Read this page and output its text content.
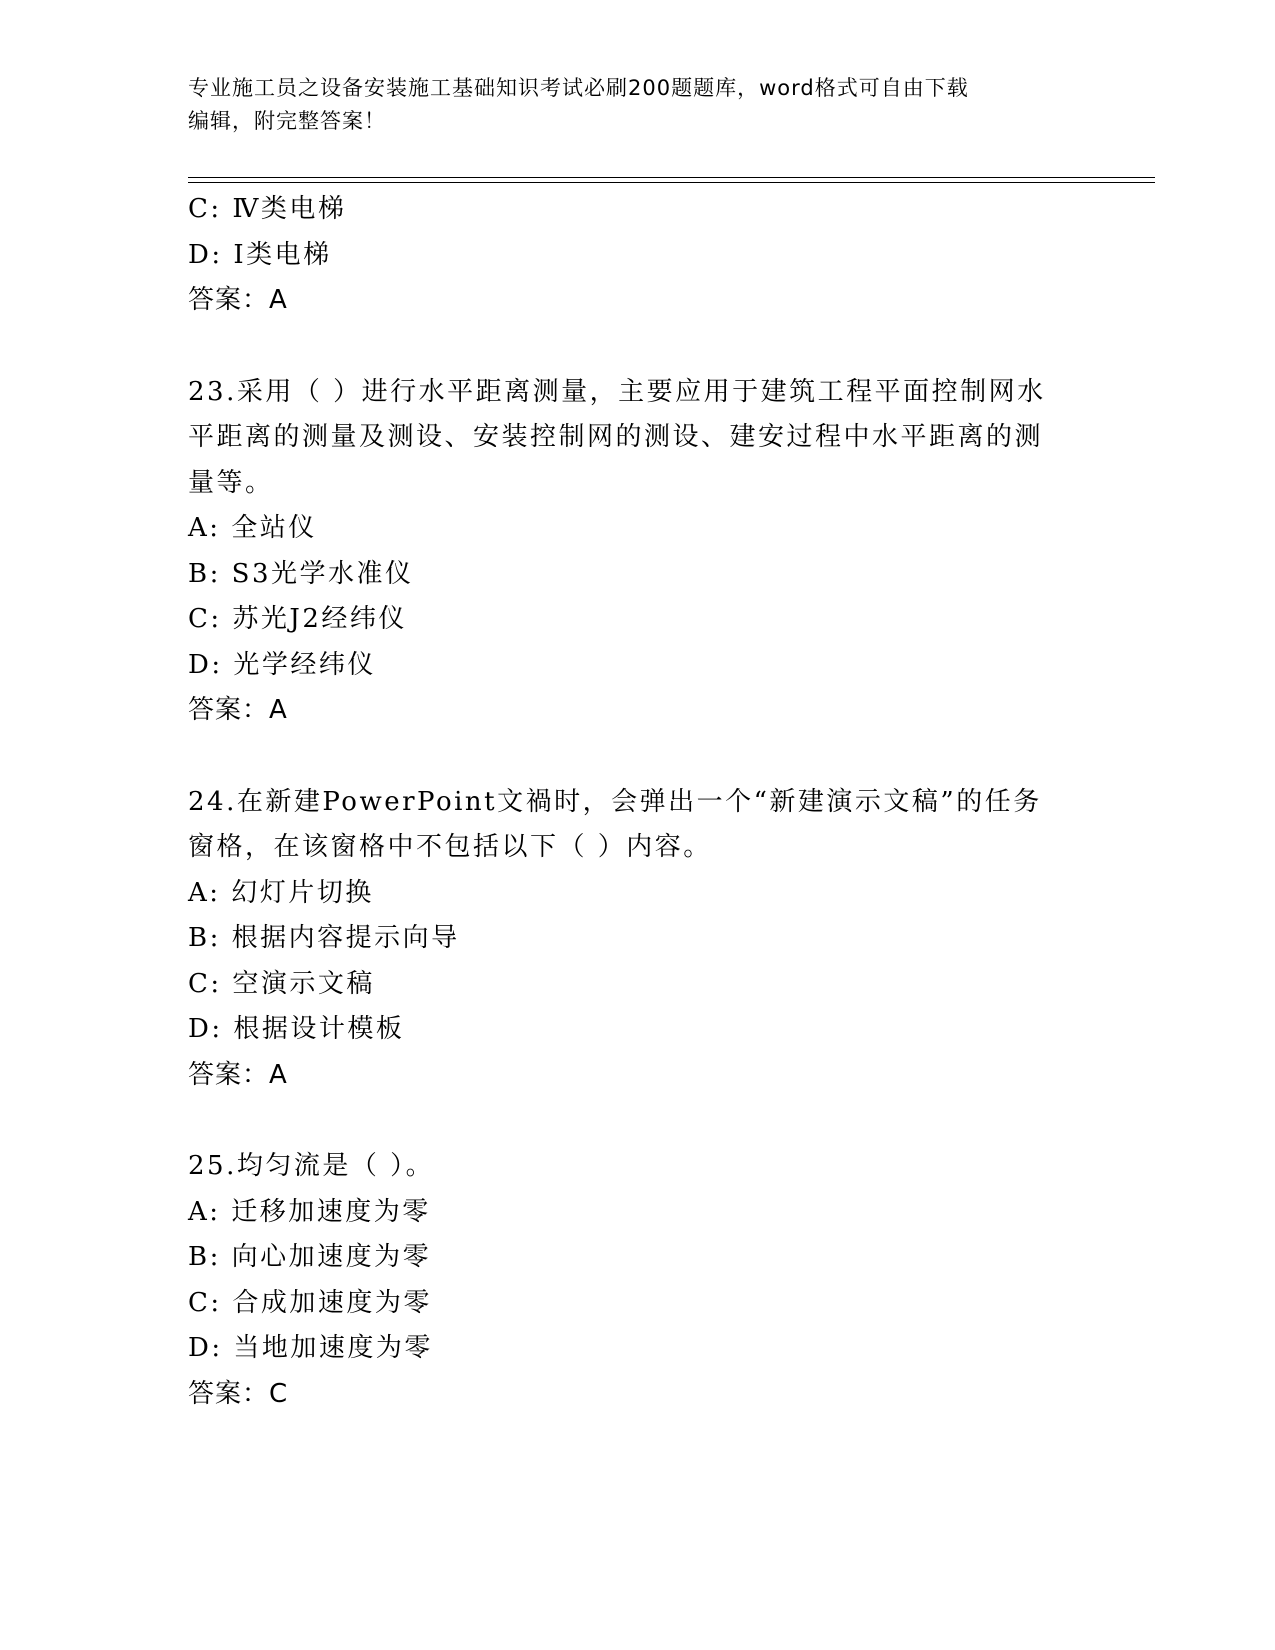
专业施工员之设备安装施工基础知识考试必刷200题题库，word格式可自由下载
编辑，附完整答案！
C: Ⅳ类电梯
D: Ⅰ类电梯
答案：A
23.采用（ ）进行水平距离测量，主要应用于建筑工程平面控制网水
平距离的测量及测设、安装控制网的测设、建安过程中水平距离的测
量等。
A: 全站仪
B: S3光学水准仪
C: 苏光J2经纬仪
D: 光学经纬仪
答案：A
24.在新建PowerPoint文禍时，会弹出一个“新建演示文稿”的任务
窗格，在该窗格中不包括以下（ ）内容。
A: 幻灯片切换
B: 根据内容提示向导
C: 空演示文稿
D: 根据设计模板
答案：A
25.均匀流是（ ）。
A: 迁移加速度为零
B: 向心加速度为零
C: 合成加速度为零
D: 当地加速度为零
答案：C
